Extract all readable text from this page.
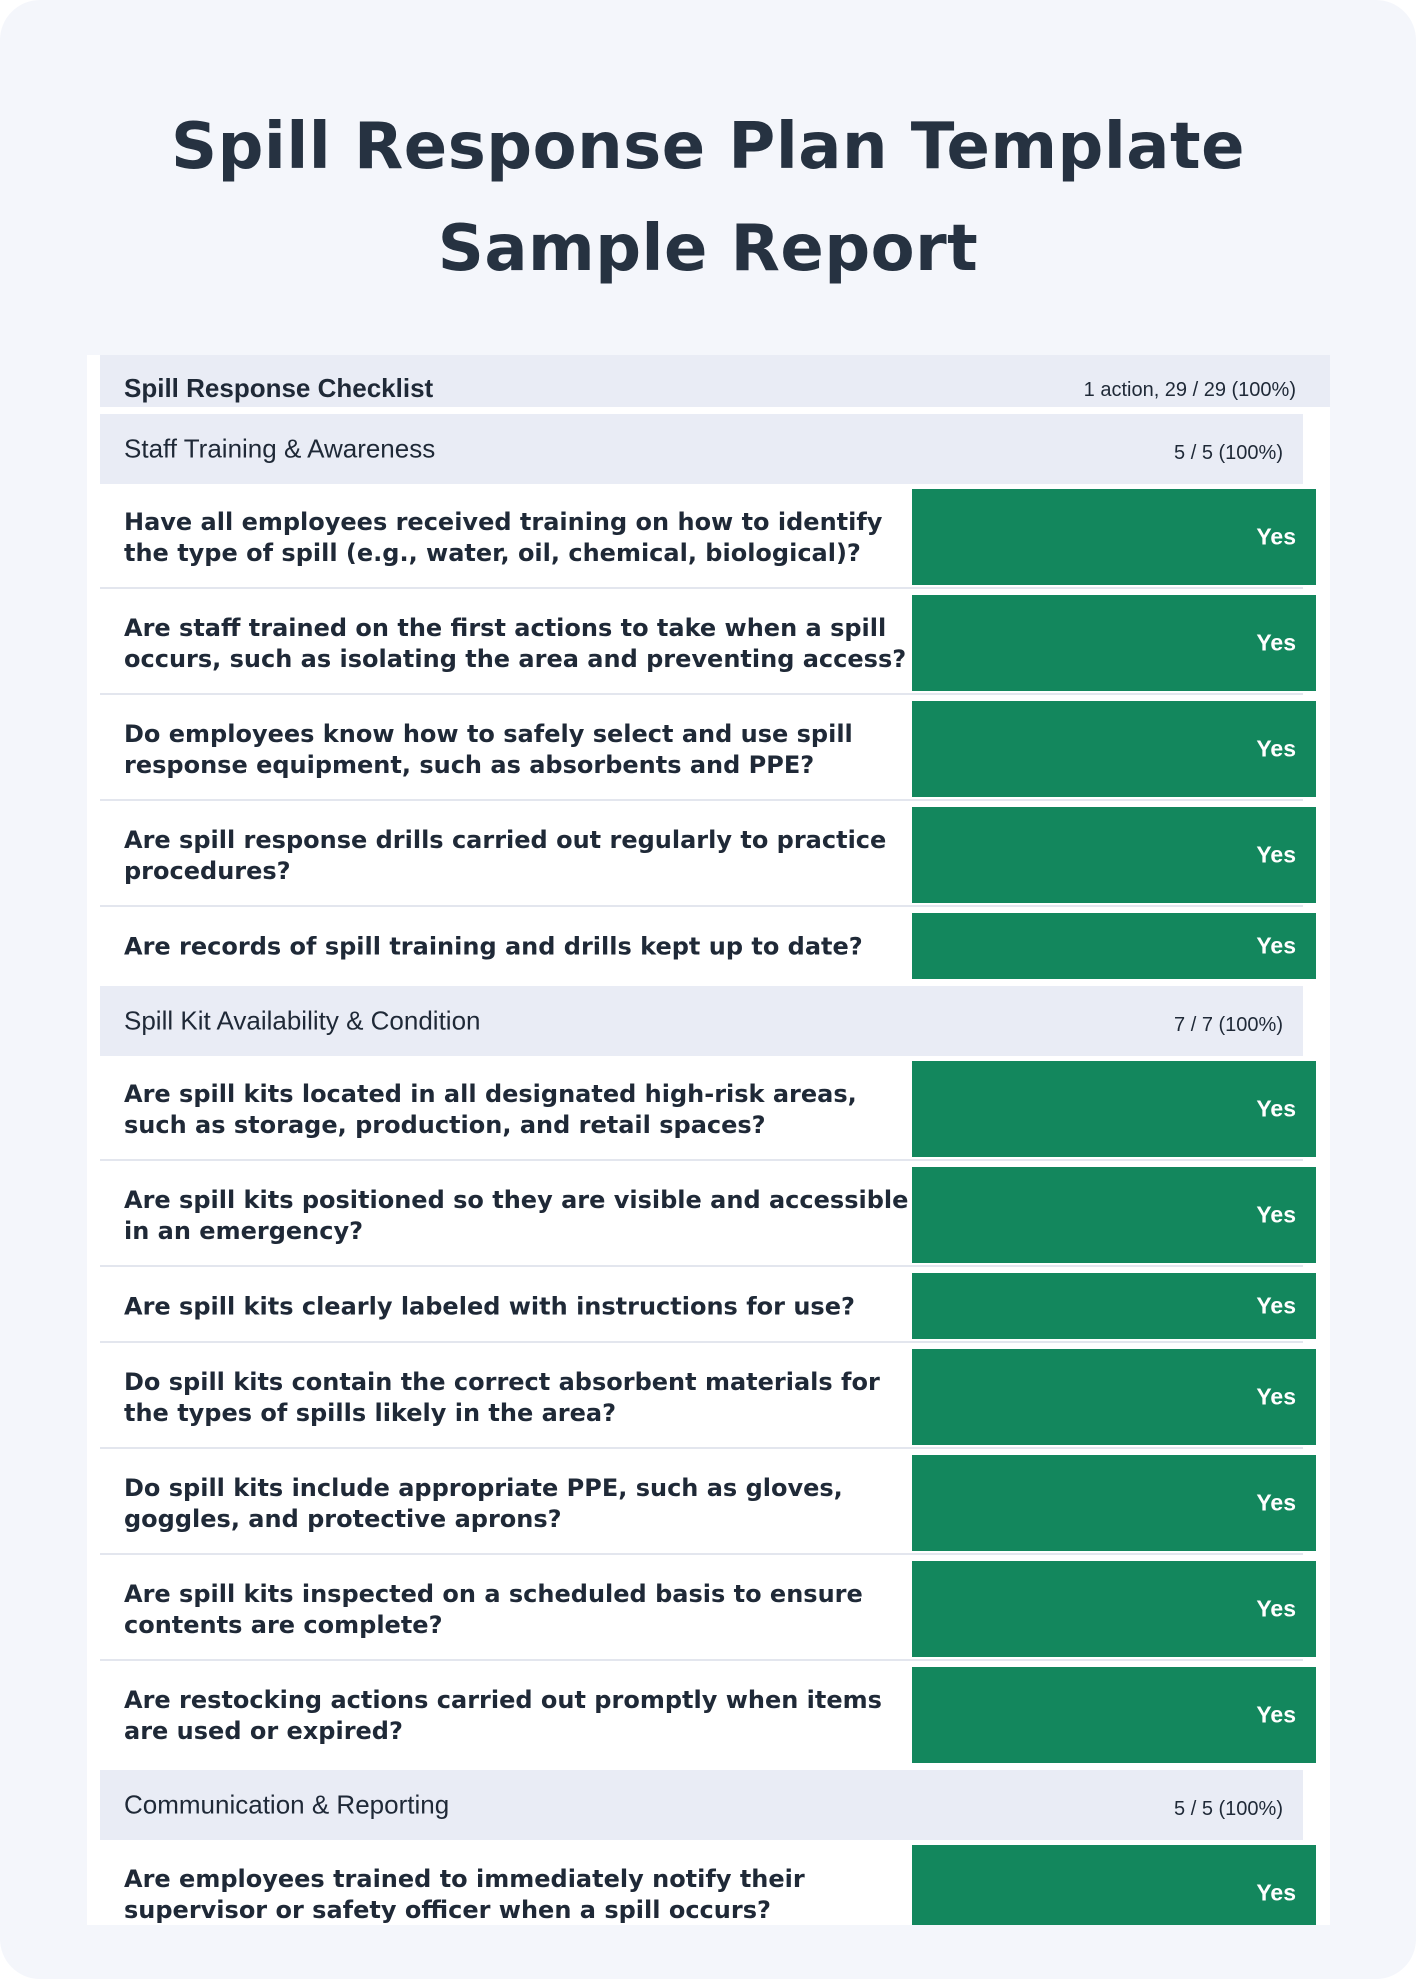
Spill Response Plan Template
Sample Report
Spill Response Checklist	1 action, 29 / 29 (100%)
Staff Training & Awareness	5 / 5 (100%)
Have all employees received training on how to identify the type of spill (e.g., water, oil, chemical, biological)?
Yes
Are staff trained on the first actions to take when a spill occurs, such as isolating the area and preventing access?
Yes
Do employees know how to safely select and use spill response equipment, such as absorbents and PPE?
Yes
Are spill response drills carried out regularly to practice procedures?
Yes
Are records of spill training and drills kept up to date?	Yes
Spill Kit Availability & Condition	7 / 7 (100%)
Are spill kits located in all designated high-risk areas, such as storage, production, and retail spaces?
Yes
Are spill kits positioned so they are visible and accessible in an emergency?
Yes
Are spill kits clearly labeled with instructions for use?	Yes
Do spill kits contain the correct absorbent materials for the types of spills likely in the area?
Yes
Do spill kits include appropriate PPE, such as gloves, goggles, and protective aprons?
Yes
Are spill kits inspected on a scheduled basis to ensure contents are complete?
Yes
Are restocking actions carried out promptly when items are used or expired?
Yes
Communication & Reporting	5 / 5 (100%)
Are employees trained to immediately notify their supervisor or safety officer when a spill occurs?
Yes
